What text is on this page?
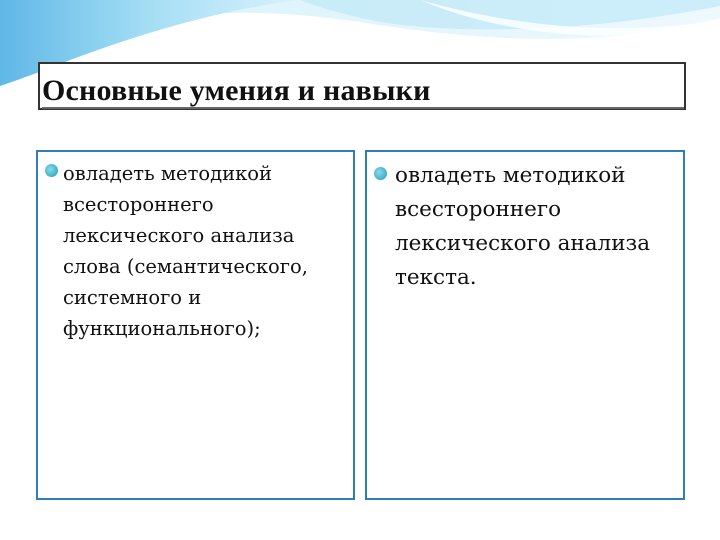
Основные умения и навыки
овладеть методикой
всестороннего
лексического анализа
слова (семантического,
системного и
функционального);
овладеть методикой
всестороннего
лексического анализа
текста.
